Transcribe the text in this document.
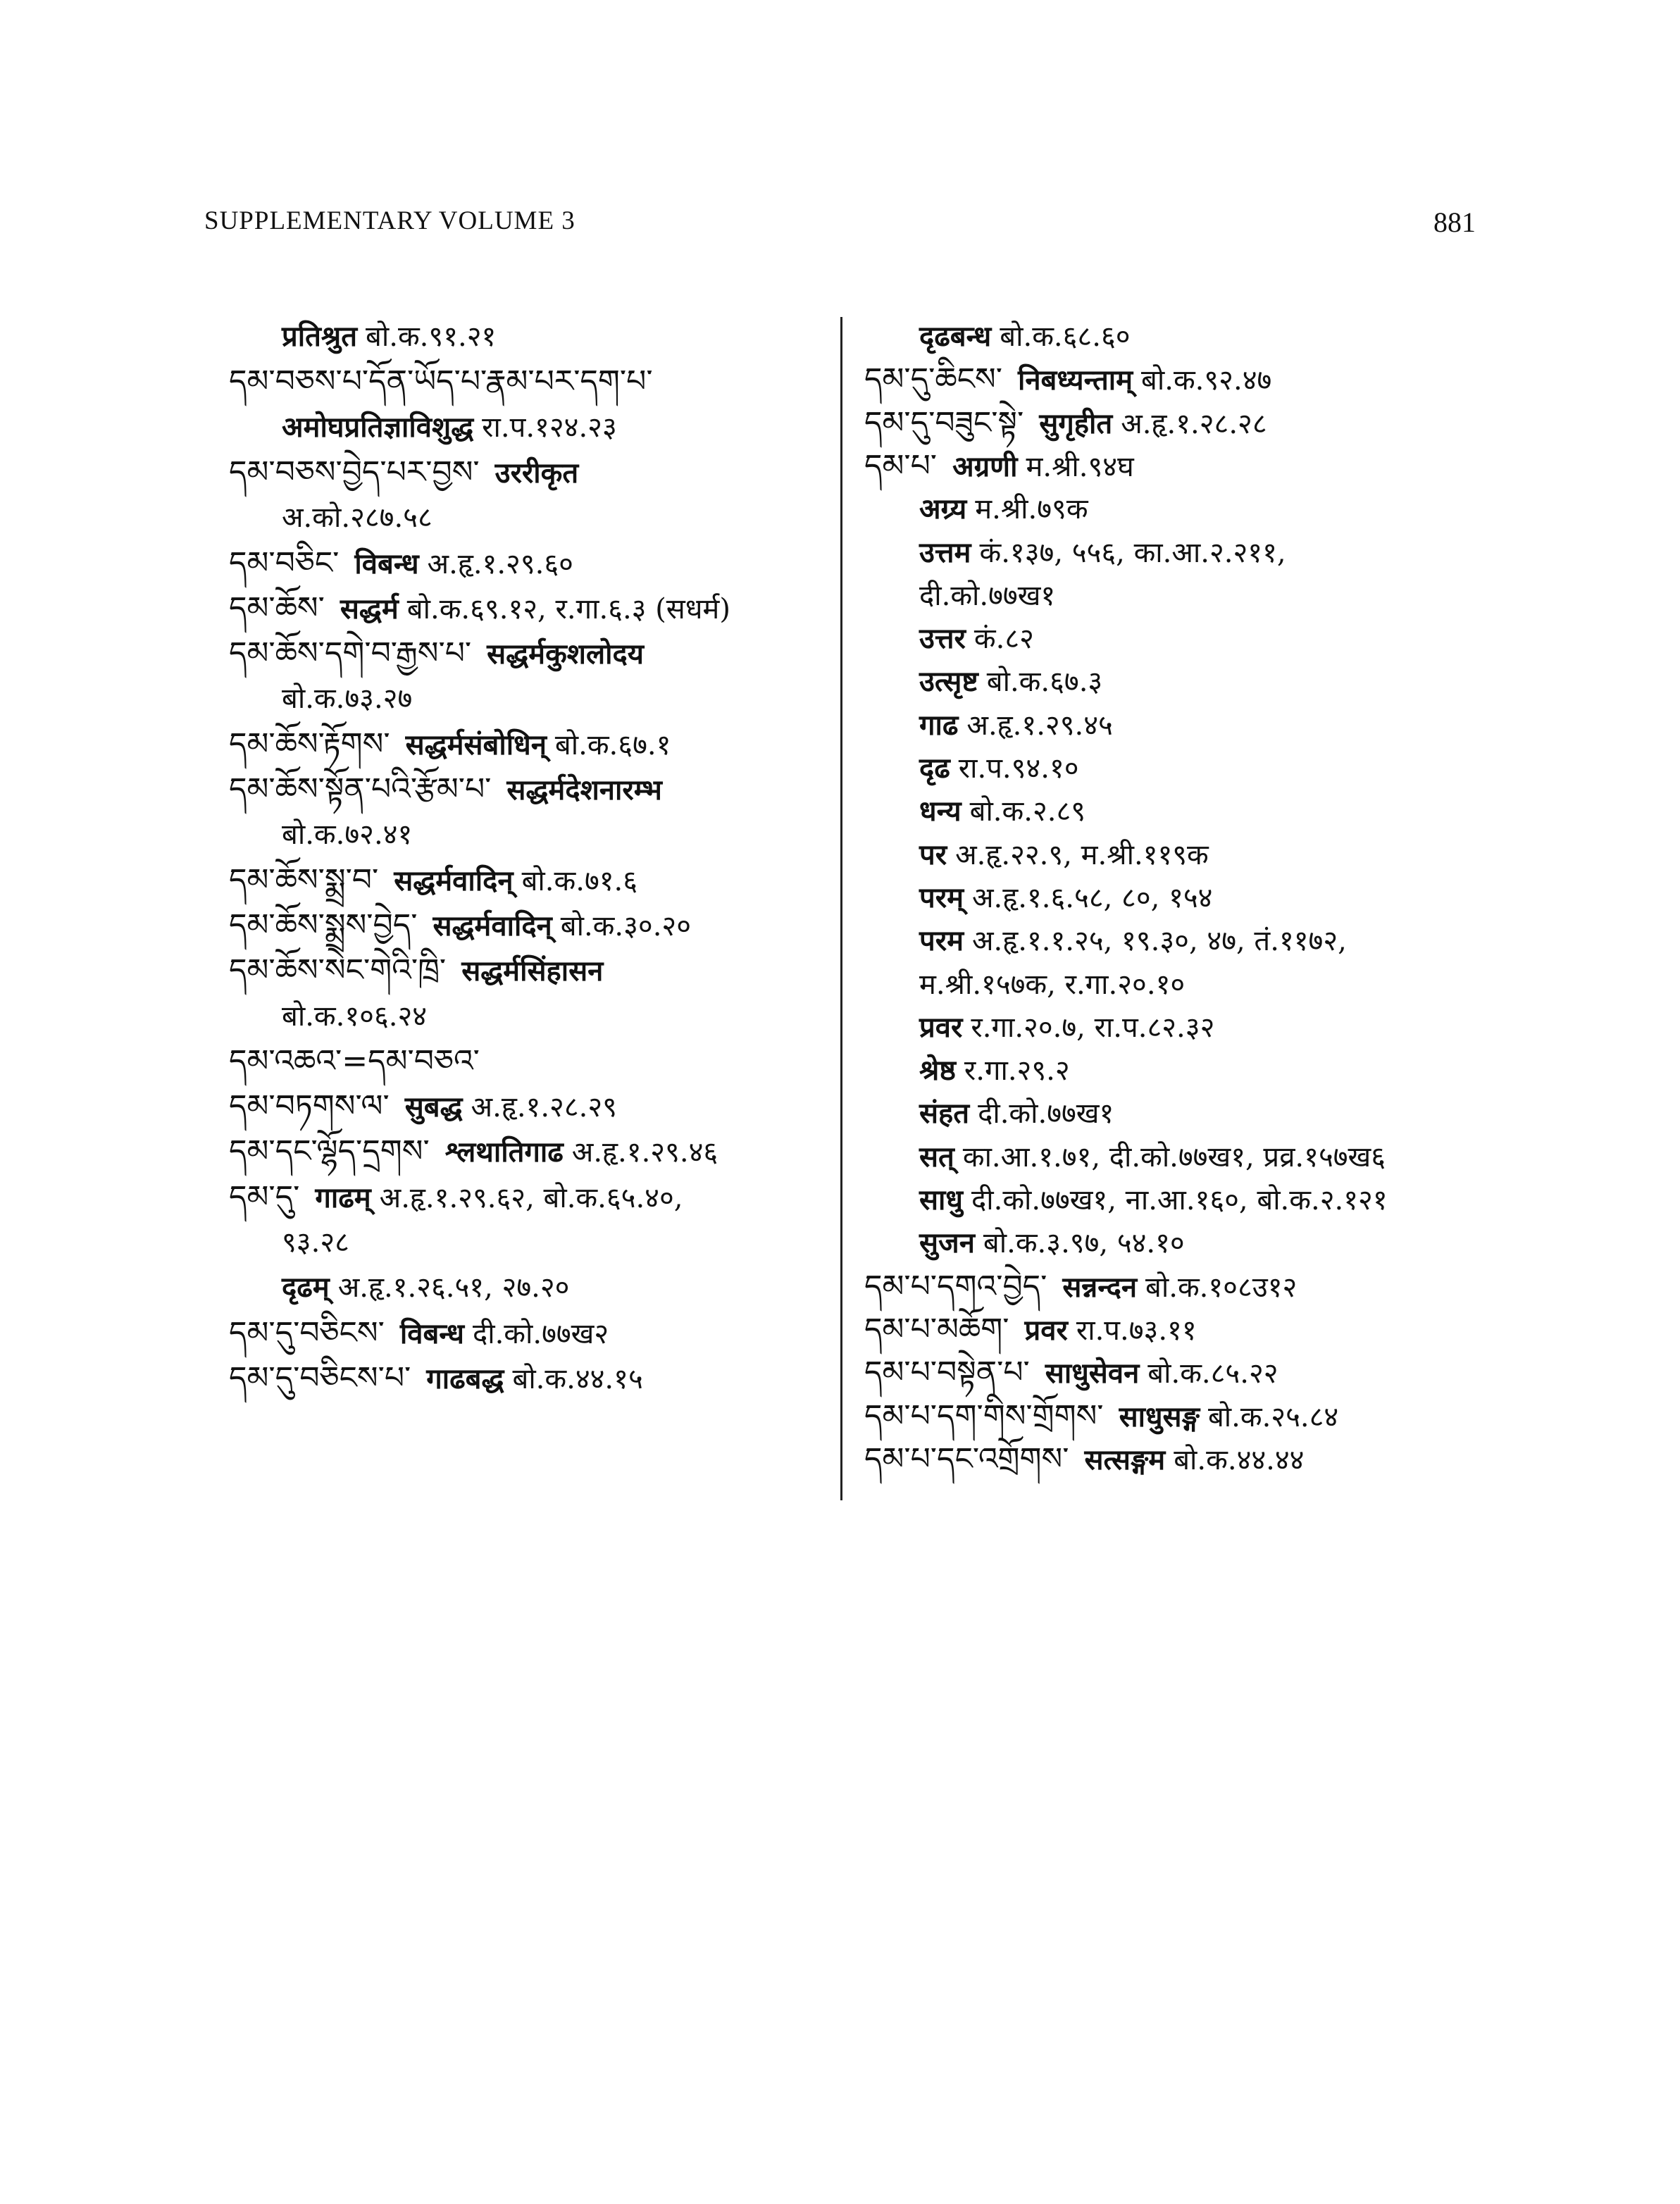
SUPPLEMENTARY VOLUME 3	881
प्रतिश्रुत बो.क.९१.२१
དམ་བཅས་པ་དོན་ཡོད་པ་རྣམ་པར་དག་པ་
अमोघप्रतिज्ञाविशुद्ध रा.प.१२४.२३
དམ་བཅས་བྱེད་པར་བྱས་ उररीकृत
अ.को.२८७.५८
དམ་བཅིང་ विबन्ध अ.हृ.१.२९.६०
དམ་ཆོས་ सद्धर्म बो.क.६९.१२, र.गा.६.३ (सधर्म)
དམ་ཆོས་དགེ་བ་རྒྱས་པ་ सद्धर्मकुशलोदय
बो.क.७३.२७
དམ་ཆོས་རྟོགས་ सद्धर्मसंबोधिन् बो.क.६७.१
དམ་ཆོས་སྟོན་པའི་རྩོམ་པ་ सद्धर्मदेशनारम्भ
बो.क.७२.४१
དམ་ཆོས་སྨྲ་བ་ सद्धर्मवादिन् बो.क.७१.६
དམ་ཆོས་སྨྲས་བྱེད་ सद्धर्मवादिन् बो.क.३०.२०
དམ་ཆོས་སེང་གེའི་ཁྲི་ सद्धर्मसिंहासन
बो.क.१०६.२४
དམ་འཆའ་=དམ་བཅའ་
དམ་བཏགས་ལ་ सुबद्ध अ.हृ.१.२८.२९
དམ་དང་ལྷོད་དྲགས་ श्लथातिगाढ अ.हृ.१.२९.४६
དམ་དུ་ गाढम् अ.हृ.१.२९.६२, बो.क.६५.४०,
९३.२८
दृढम् अ.हृ.१.२६.५१, २७.२०
དམ་དུ་བཅིངས་ विबन्ध दी.को.७७ख२
དམ་དུ་བཅིངས་པ་ गाढबद्ध बो.क.४४.१५
दृढबन्ध बो.क.६८.६०
དམ་དུ་ཆིངས་ निबध्यन्ताम् बो.क.९२.४७
དམ་དུ་བཟུང་སྟེ་ सुगृहीत अ.हृ.१.२८.२८
དམ་པ་ अग्रणी म.श्री.९४घ
अग्र्य म.श्री.७९क
उत्तम कं.१३७, ५५६, का.आ.२.२११,
दी.को.७७ख१
उत्तर कं.८२
उत्सृष्ट बो.क.६७.३
गाढ अ.हृ.१.२९.४५
दृढ रा.प.९४.१०
धन्य बो.क.२.८९
पर अ.हृ.२२.९, म.श्री.११९क
परम् अ.हृ.१.६.५८, ८०, १५४
परम अ.हृ.१.१.२५, १९.३०, ४७, तं.११७२,
म.श्री.१५७क, र.गा.२०.१०
प्रवर र.गा.२०.७, रा.प.८२.३२
श्रेष्ठ र.गा.२९.२
संहत दी.को.७७ख१
सत् का.आ.१.७१, दी.को.७७ख१, प्रव्र.१५७ख६
साधु दी.को.७७ख१, ना.आ.१६०, बो.क.२.१२१
सुजन बो.क.३.९७, ५४.१०
དམ་པ་དགའ་བྱེད་ सन्नन्दन बो.क.१०८उ१२
དམ་པ་མཆོག་ प्रवर रा.प.७३.११
དམ་པ་བསྟེན་པ་ साधुसेवन बो.क.८५.२२
དམ་པ་དག་གིས་གྲོགས་ साधुसङ्ग बो.क.२५.८४
དམ་པ་དང་འགྲོགས་ सत्सङ्गम बो.क.४४.४४
